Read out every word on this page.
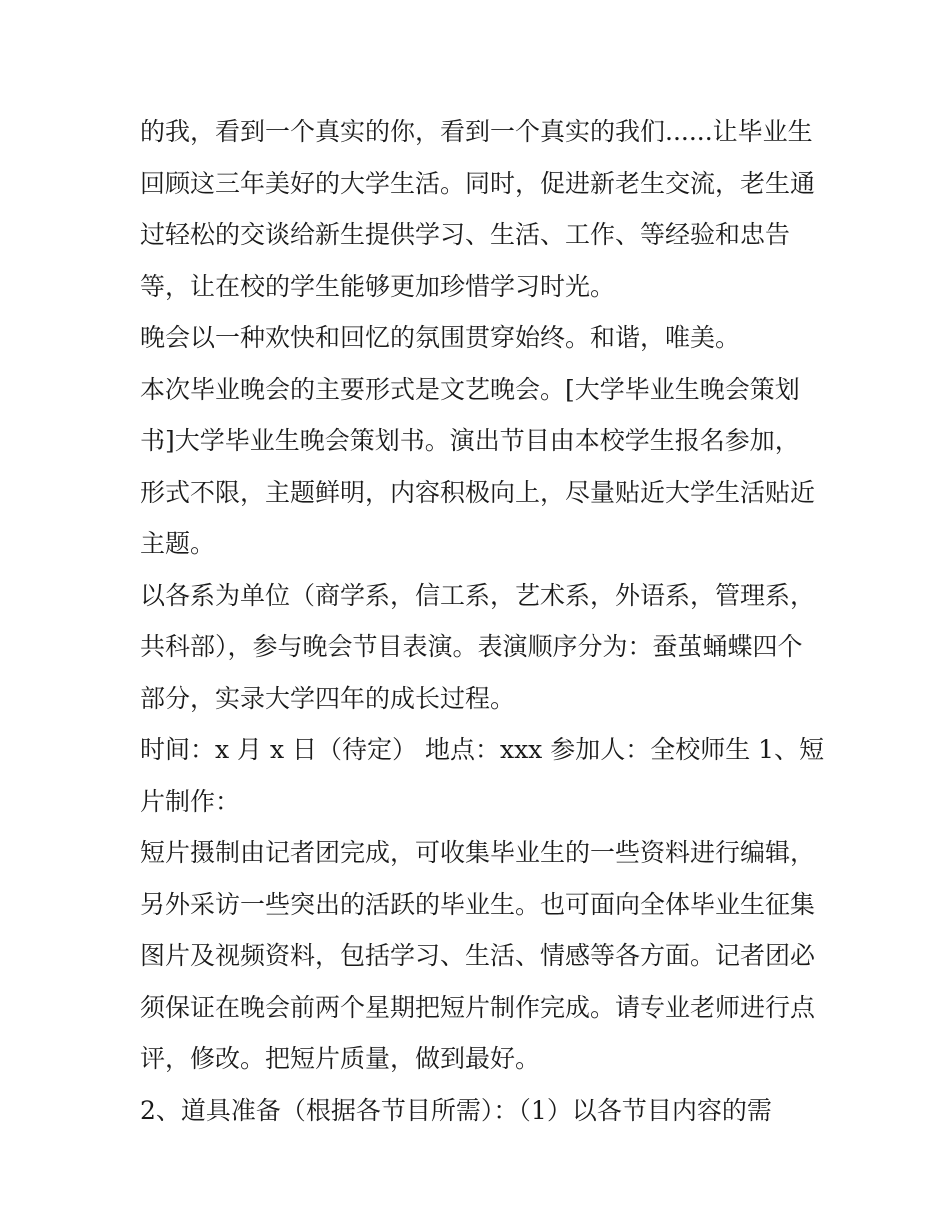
的我，看到一个真实的你，看到一个真实的我们......让毕业生
回顾这三年美好的大学生活。同时，促进新老生交流，老生通
过轻松的交谈给新生提供学习、生活、工作、等经验和忠告
等，让在校的学生能够更加珍惜学习时光。

晚会以一种欢快和回忆的氛围贯穿始终。和谐，唯美。

本次毕业晚会的主要形式是文艺晚会。[大学毕业生晚会策划
书]大学毕业生晚会策划书。演出节目由本校学生报名参加，
形式不限，主题鲜明，内容积极向上，尽量贴近大学生活贴近
主题。

以各系为单位（商学系，信工系，艺术系，外语系，管理系，
共科部），参与晚会节目表演。表演顺序分为：蚕茧蛹蝶四个
部分，实录大学四年的成长过程。

时间：x 月 x 日（待定） 地点：xxx 参加人：全校师生 1、短
片制作：

短片摄制由记者团完成，可收集毕业生的一些资料进行编辑，
另外采访一些突出的活跃的毕业生。也可面向全体毕业生征集
图片及视频资料，包括学习、生活、情感等各方面。记者团必
须保证在晚会前两个星期把短片制作完成。请专业老师进行点
评，修改。把短片质量，做到最好。

2、道具准备（根据各节目所需）：（1）以各节目内容的需
